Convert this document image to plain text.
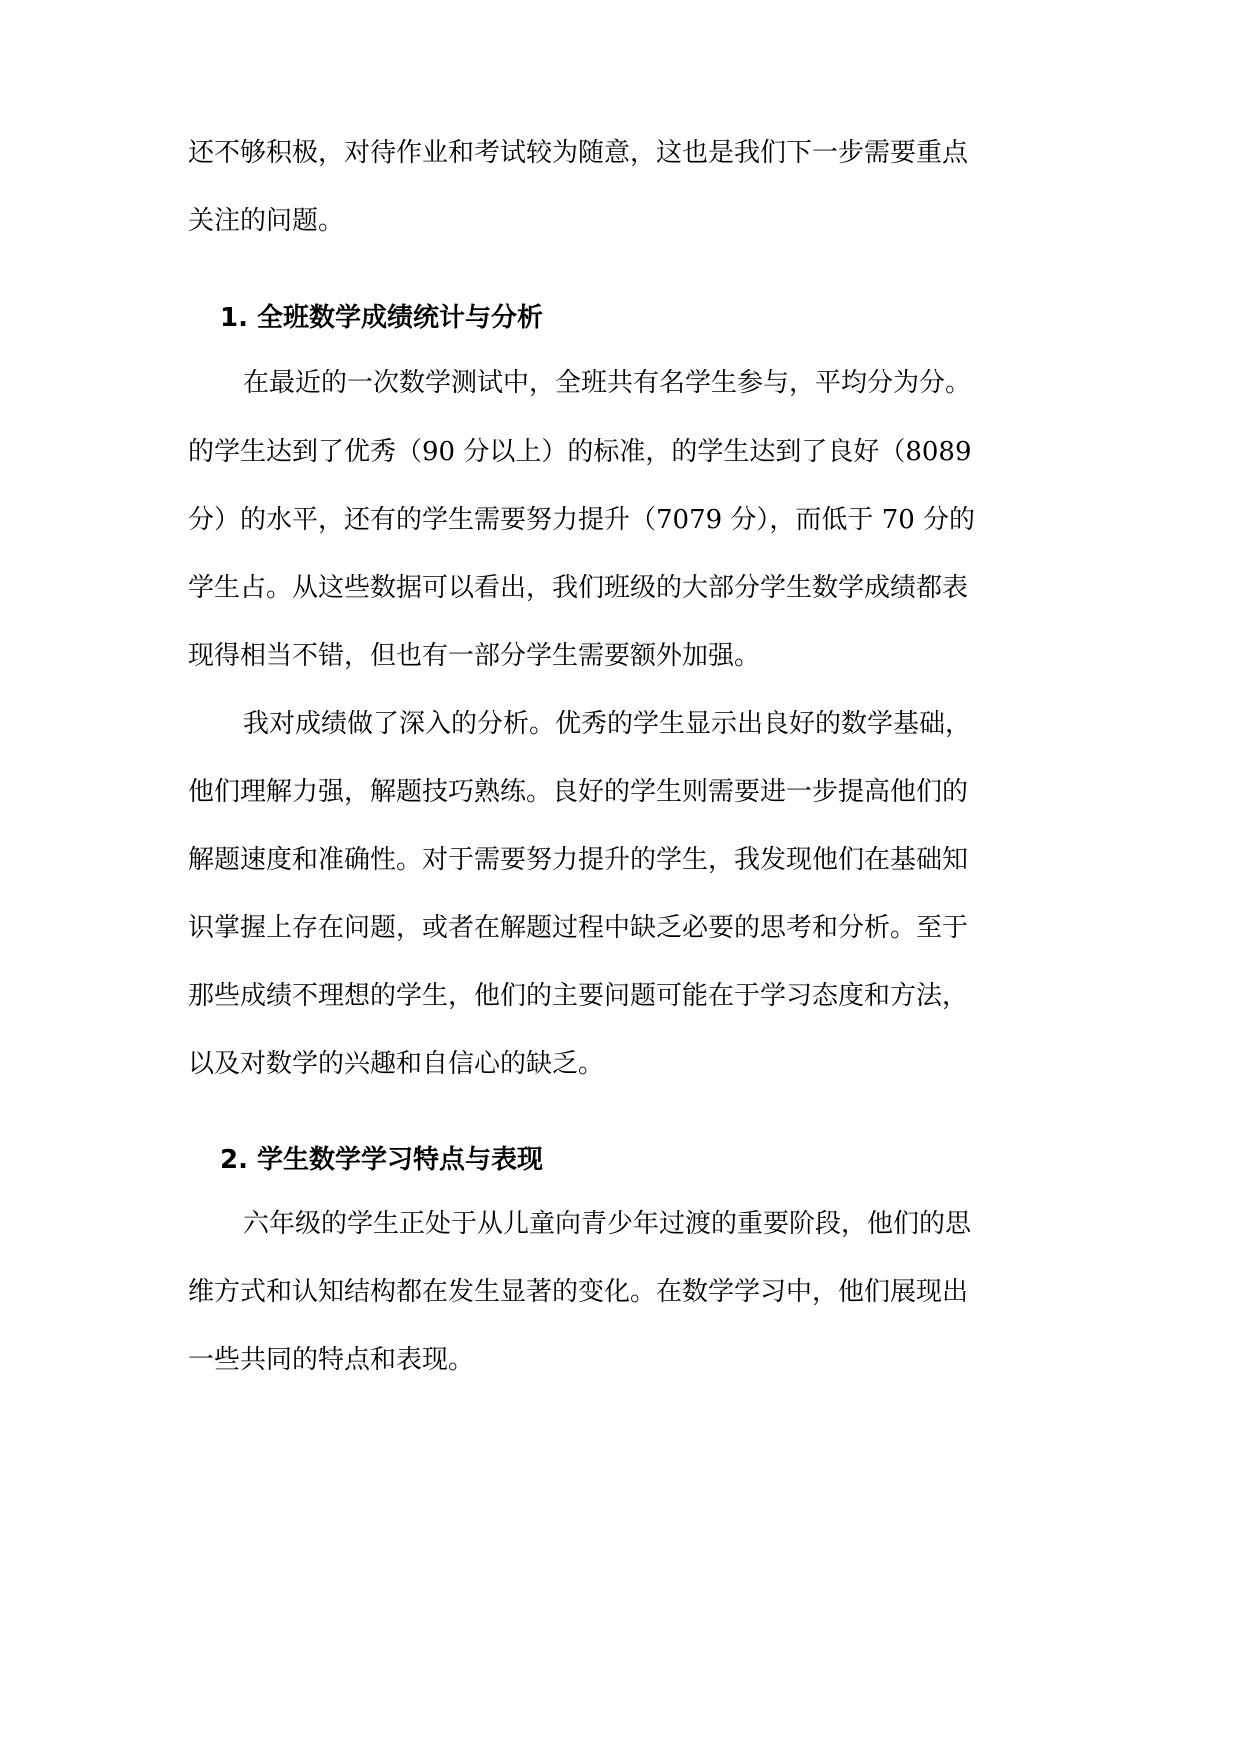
还不够积极，对待作业和考试较为随意，这也是我们下一步需要重点
关注的问题。
1. 全班数学成绩统计与分析
在最近的一次数学测试中，全班共有名学生参与，平均分为分。
的学生达到了优秀（90 分以上）的标准，的学生达到了良好（8089
分）的水平，还有的学生需要努力提升（7079 分），而低于 70 分的
学生占。从这些数据可以看出，我们班级的大部分学生数学成绩都表
现得相当不错，但也有一部分学生需要额外加强。
我对成绩做了深入的分析。优秀的学生显示出良好的数学基础，
他们理解力强，解题技巧熟练。良好的学生则需要进一步提高他们的
解题速度和准确性。对于需要努力提升的学生，我发现他们在基础知
识掌握上存在问题，或者在解题过程中缺乏必要的思考和分析。至于
那些成绩不理想的学生，他们的主要问题可能在于学习态度和方法，
以及对数学的兴趣和自信心的缺乏。
2. 学生数学学习特点与表现
六年级的学生正处于从儿童向青少年过渡的重要阶段，他们的思
维方式和认知结构都在发生显著的变化。在数学学习中，他们展现出
一些共同的特点和表现。
